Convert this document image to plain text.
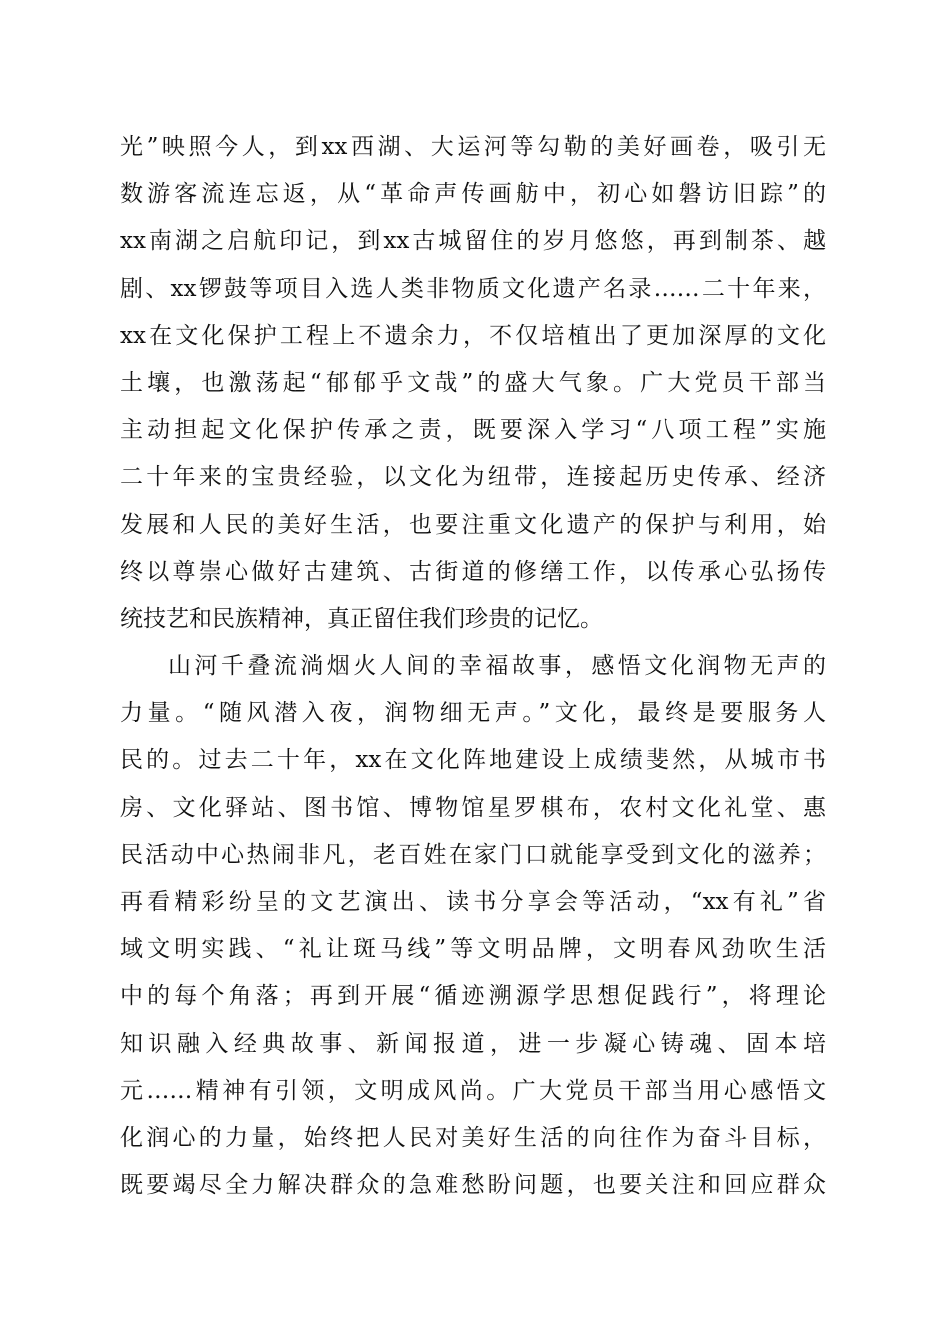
光”映照今人，到xx西湖、大运河等勾勒的美好画卷，吸引无
数游客流连忘返，从“革命声传画舫中，初心如磐访旧踪”的
xx南湖之启航印记，到xx古城留住的岁月悠悠，再到制茶、越
剧、xx锣鼓等项目入选人类非物质文化遗产名录……二十年来，
xx在文化保护工程上不遗余力，不仅培植出了更加深厚的文化
土壤，也激荡起“郁郁乎文哉”的盛大气象。广大党员干部当
主动担起文化保护传承之责，既要深入学习“八项工程”实施
二十年来的宝贵经验，以文化为纽带，连接起历史传承、经济
发展和人民的美好生活，也要注重文化遗产的保护与利用，始
终以尊崇心做好古建筑、古街道的修缮工作，以传承心弘扬传
统技艺和民族精神，真正留住我们珍贵的记忆。
山河千叠流淌烟火人间的幸福故事，感悟文化润物无声的
力量。“随风潜入夜，润物细无声。”文化，最终是要服务人
民的。过去二十年，xx在文化阵地建设上成绩斐然，从城市书
房、文化驿站、图书馆、博物馆星罗棋布，农村文化礼堂、惠
民活动中心热闹非凡，老百姓在家门口就能享受到文化的滋养；
再看精彩纷呈的文艺演出、读书分享会等活动，“xx有礼”省
域文明实践、“礼让斑马线”等文明品牌，文明春风劲吹生活
中的每个角落；再到开展“循迹溯源学思想促践行”，将理论
知识融入经典故事、新闻报道，进一步凝心铸魂、固本培
元……精神有引领，文明成风尚。广大党员干部当用心感悟文
化润心的力量，始终把人民对美好生活的向往作为奋斗目标，
既要竭尽全力解决群众的急难愁盼问题，也要关注和回应群众
